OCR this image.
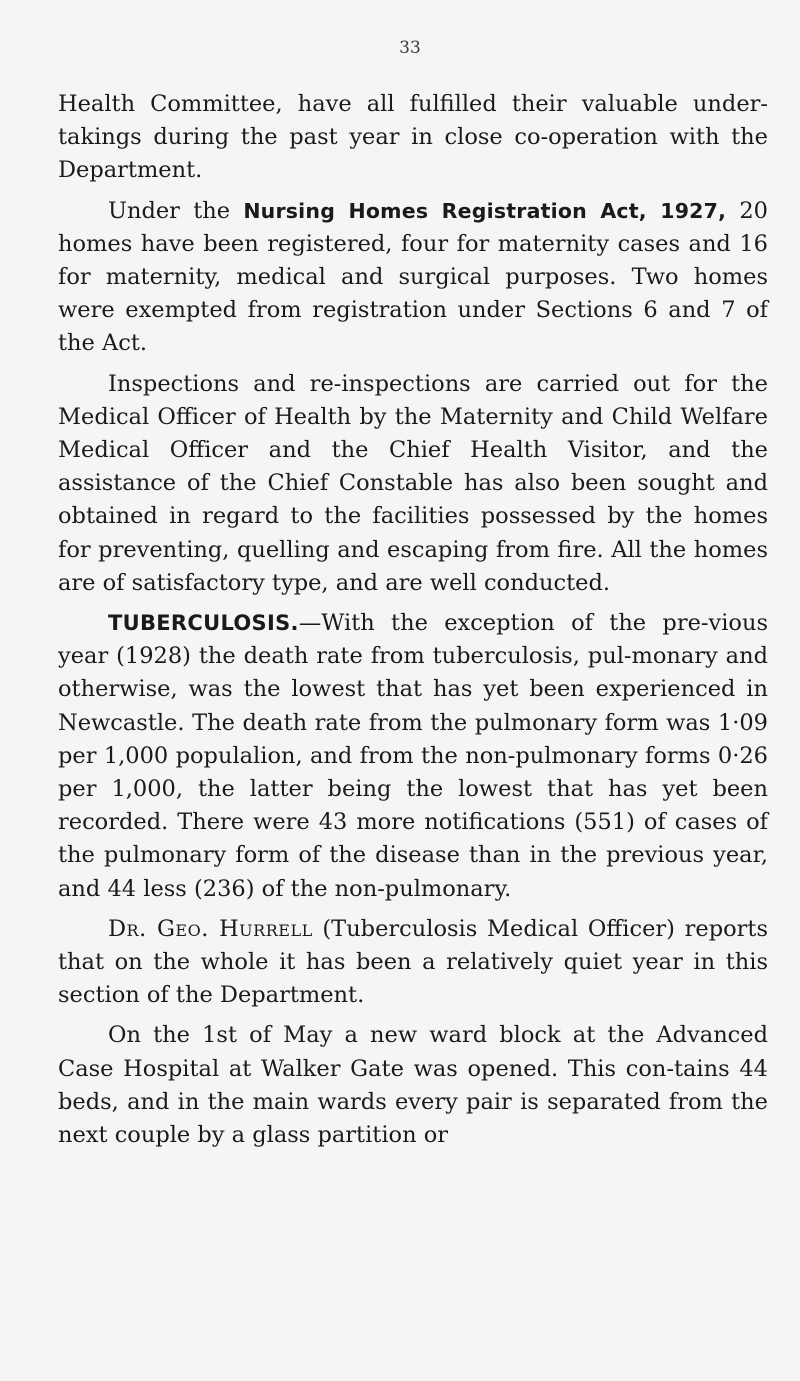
33

Health Committee, have all fulfilled their valuable under-takings during the past year in close co-operation with the Department.

Under the Nursing Homes Registration Act, 1927, 20 homes have been registered, four for maternity cases and 16 for maternity, medical and surgical purposes. Two homes were exempted from registration under Sections 6 and 7 of the Act.

Inspections and re-inspections are carried out for the Medical Officer of Health by the Maternity and Child Welfare Medical Officer and the Chief Health Visitor, and the assistance of the Chief Constable has also been sought and obtained in regard to the facilities possessed by the homes for preventing, quelling and escaping from fire. All the homes are of satisfactory type, and are well conducted.

TUBERCULOSIS.—With the exception of the pre-vious year (1928) the death rate from tuberculosis, pul-monary and otherwise, was the lowest that has yet been experienced in Newcastle. The death rate from the pulmonary form was 1·09 per 1,000 populalion, and from the non-pulmonary forms 0·26 per 1,000, the latter being the lowest that has yet been recorded. There were 43 more notifications (551) of cases of the pulmonary form of the disease than in the previous year, and 44 less (236) of the non-pulmonary.

Dr. Geo. Hurrell (Tuberculosis Medical Officer) reports that on the whole it has been a relatively quiet year in this section of the Department.

On the 1st of May a new ward block at the Advanced Case Hospital at Walker Gate was opened. This con-tains 44 beds, and in the main wards every pair is separated from the next couple by a glass partition or
